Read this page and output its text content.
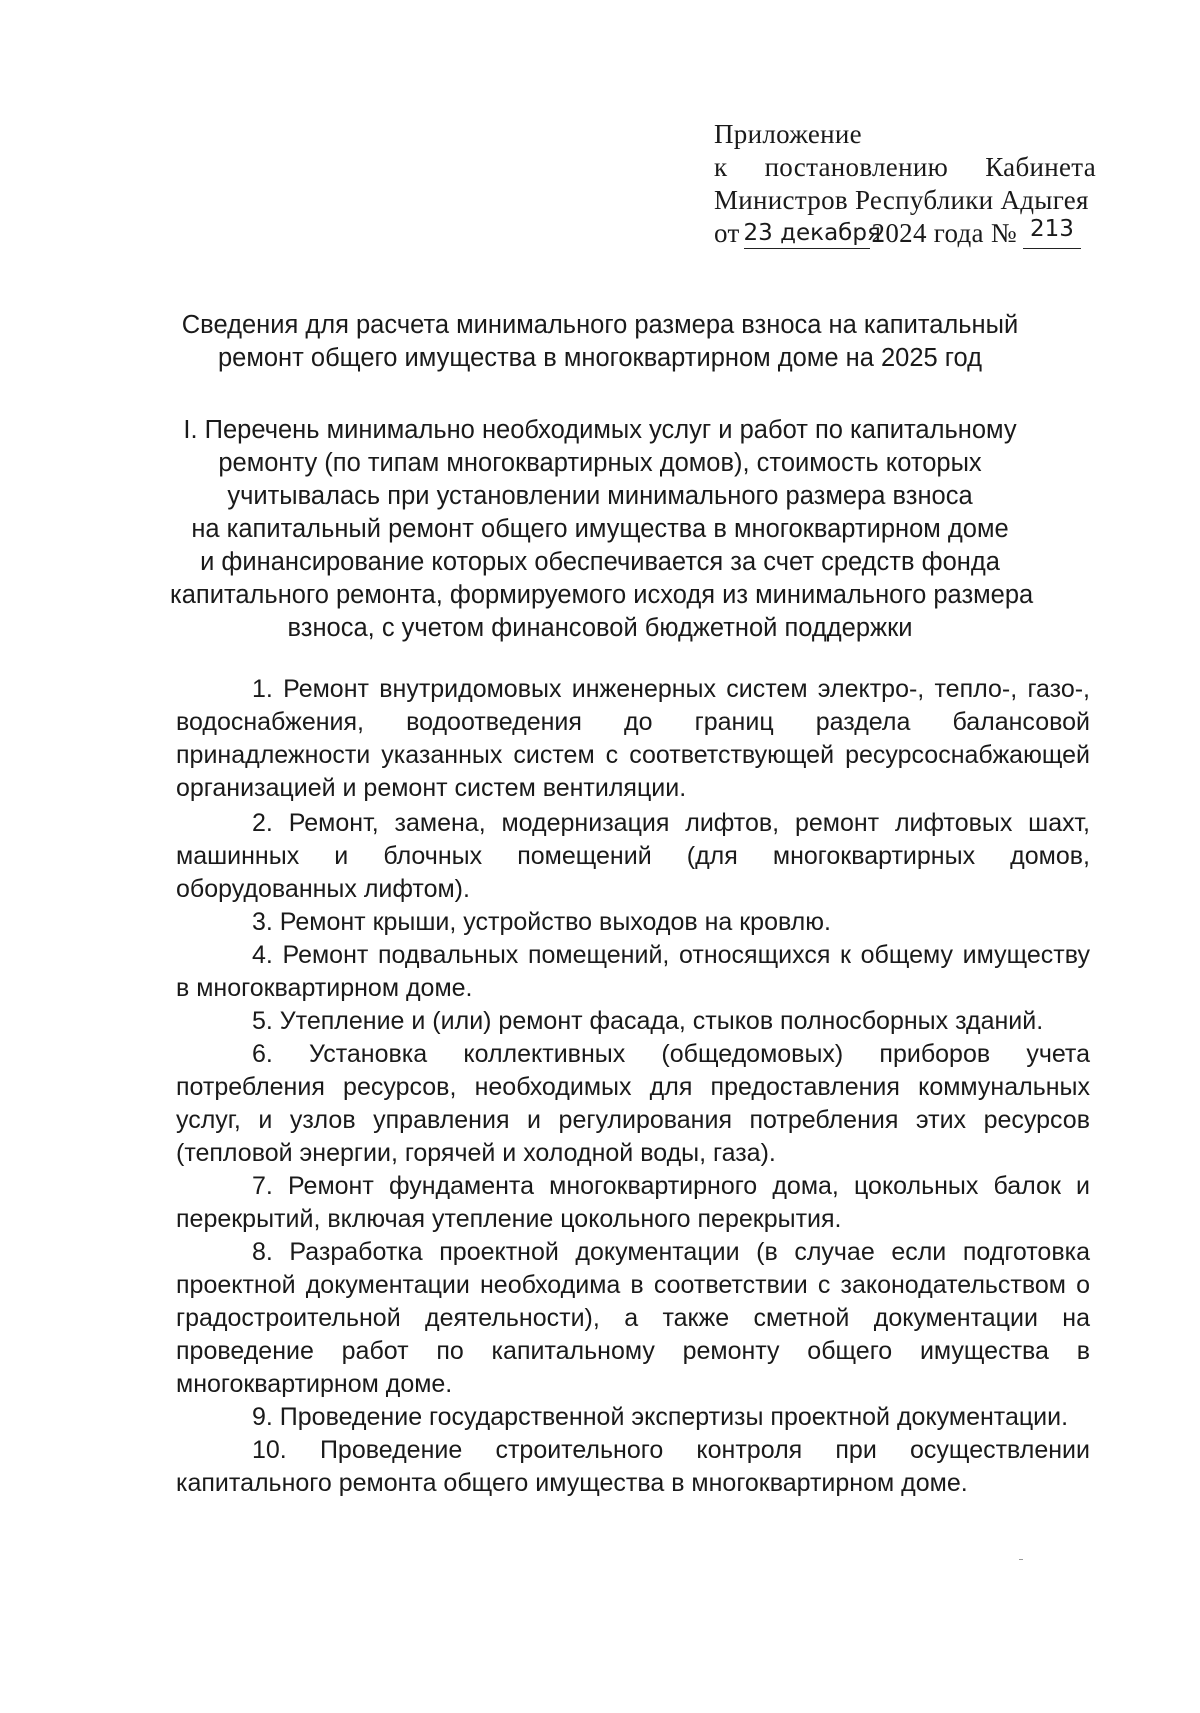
Приложение
к постановлению Кабинета
Министров Республики Адыгея
от 23 декабря
2024 года № 213
Сведения для расчета минимального размера взноса на капитальный
ремонт общего имущества в многоквартирном доме на 2025 год
I. Перечень минимально необходимых услуг и работ по капитальному
ремонту (по типам многоквартирных домов), стоимость которых
учитывалась при установлении минимального размера взноса
на капитальный ремонт общего имущества в многоквартирном доме
и финансирование которых обеспечивается за счет средств фонда
капитального ремонта, формируемого исходя из минимального размера
взноса, с учетом финансовой бюджетной поддержки

1. Ремонт внутридомовых инженерных систем электро-, тепло-, газо-, водоснабжения, водоотведения до границ раздела балансовой принадлежности указанных систем с соответствующей ресурсоснабжающей организацией и ремонт систем вентиляции.

2. Ремонт, замена, модернизация лифтов, ремонт лифтовых шахт, машинных и блочных помещений (для многоквартирных домов, оборудованных лифтом).

3. Ремонт крыши, устройство выходов на кровлю.

4. Ремонт подвальных помещений, относящихся к общему имуществу в многоквартирном доме.

5. Утепление и (или) ремонт фасада, стыков полносборных зданий.

6. Установка коллективных (общедомовых) приборов учета потребления ресурсов, необходимых для предоставления коммунальных услуг, и узлов управления и регулирования потребления этих ресурсов (тепловой энергии, горячей и холодной воды, газа).

7. Ремонт фундамента многоквартирного дома, цокольных балок и перекрытий, включая утепление цокольного перекрытия.

8. Разработка проектной документации (в случае если подготовка проектной документации необходима в соответствии с законодательством о градостроительной деятельности), а также сметной документации на проведение работ по капитальному ремонту общего имущества в многоквартирном доме.

9. Проведение государственной экспертизы проектной документации.

10. Проведение строительного контроля при осуществлении капитального ремонта общего имущества в многоквартирном доме.
